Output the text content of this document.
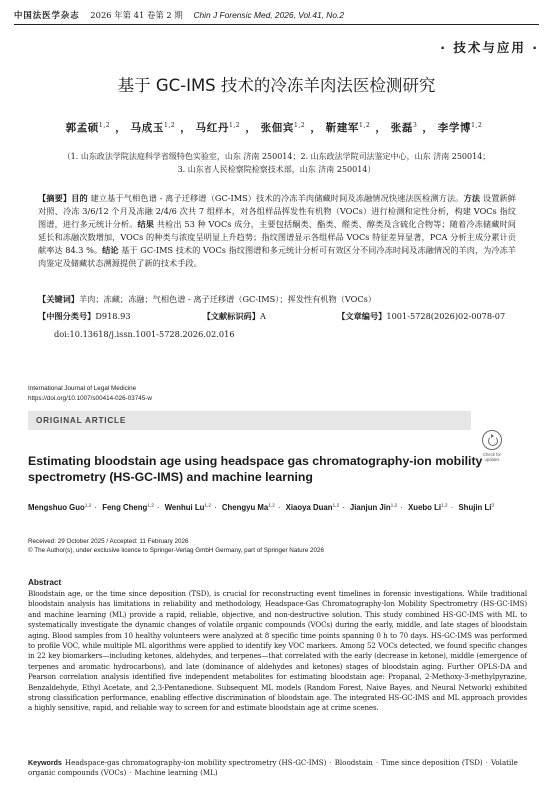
中国法医学杂志 2026 年第 41 卷第 2 期 Chin J Forensic Med, 2026, Vol.41, No.2
· 技术与应用 ·
基于 GC-IMS 技术的冷冻羊肉法医检测研究
郭孟硕$^{1,2}$ ， 马成玉$^{1,2}$ ， 马红丹$^{1,2}$ ， 张佃宾$^{1,2}$ ， 靳建军$^{1,2}$ ， 张磊$^3$ ， 李学博$^{1,2}$
（1. 山东政法学院法庭科学省级特色实验室，山东 济南 250014；2. 山东政法学院司法鉴定中心，山东 济南 250014；
3. 山东省人民检察院检察技术部，山东 济南 250014）
【摘要】目的 建立基于气相色谱 - 离子迁移谱（GC-IMS）技术的冷冻羊肉储藏时间及冻融情况快速法医检测方法。方法 设置新鲜对照、冷冻 3/6/12 个月及冻融 2/4/6 次共 7 组样本，对各组样品挥发性有机物（VOCs）进行检测和定性分析，构建 VOCs 指纹图谱，进行多元统计分析。结果 共检出 53 种 VOCs 成分，主要包括酮类、酯类、醛类、醇类及含硫化合物等；随着冷冻储藏时间延长和冻融次数增加，VOCs 的种类与浓度呈明显上升趋势；指纹图谱显示各组样品 VOCs 特征差异显著，PCA 分析主成分累计贡献率达 84.3 %。结论 基于 GC-IMS 技术的 VOCs 指纹图谱和多元统计分析可有效区分不同冷冻时间及冻融情况的羊肉，为冷冻羊肉鉴定及储藏状态溯源提供了新的技术手段。
【关键词】羊肉；冻藏；冻融；气相色谱 - 离子迁移谱（GC-IMS）；挥发性有机物（VOCs）
【中图分类号】D918.93	【文献标识码】A	【文章编号】1001-5728(2026)02-0078-07
doi:10.13618/j.issn.1001-5728.2026.02.016
International Journal of Legal Medicine
https://doi.org/10.1007/s00414-026-03745-w
ORIGINAL ARTICLE
Check for
updates
Estimating bloodstain age using headspace gas chromatography-ion mobility spectrometry (HS-GC-IMS) and machine learning
Mengshuo Guo$^{1,2}$ · Feng Cheng$^{1,2}$ · Wenhui Lu$^{1,2}$ · Chengyu Ma$^{1,2}$ · Xiaoya Duan$^{1,2}$ · Jianjun Jin$^{1,2}$ · Xuebo Li$^{1,2}$ · Shujin Li$^3$
Received: 29 October 2025 / Accepted: 11 February 2026
© The Author(s), under exclusive licence to Springer-Verlag GmbH Germany, part of Springer Nature 2026
Abstract
Bloodstain age, or the time since deposition (TSD), is crucial for reconstructing event timelines in forensic investigations. While traditional bloodstain analysis has limitations in reliability and methodology, Headspace-Gas Chromatography-Ion Mobility Spectrometry (HS-GC-IMS) and machine learning (ML) provide a rapid, reliable, objective, and non-destructive solution. This study combined HS-GC-IMS with ML to systematically investigate the dynamic changes of volatile organic compounds (VOCs) during the early, middle, and late stages of bloodstain aging. Blood samples from 10 healthy volunteers were analyzed at 8 specific time points spanning 0 h to 70 days. HS-GC-IMS was performed to profile VOC, while multiple ML algorithms were applied to identify key VOC markers. Among 52 VOCs detected, we found specific changes in 22 key biomarkers—including ketones, aldehydes, and terpenes—that correlated with the early (decrease in ketone), middle (emergence of terpenes and aromatic hydrocarbons), and late (dominance of aldehydes and ketones) stages of bloodstain aging. Further OPLS-DA and Pearson correlation analysis identified five independent metabolites for estimating bloodstain age: Propanal, 2-Methoxy-3-methylpyrazine, Benzaldehyde, Ethyl Acetate, and 2,3-Pentanedione. Subsequent ML models (Random Forest, Naive Bayes, and Neural Network) exhibited strong classification performance, enabling effective discrimination of bloodstain age. The integrated HS-GC-IMS and ML approach provides a highly sensitive, rapid, and reliable way to screen for and estimate bloodstain age at crime scenes.
Keywords Headspace-gas chromatography-ion mobility spectrometry (HS-GC-IMS) · Bloodstain · Time since deposition (TSD) · Volatile organic compounds (VOCs) · Machine learning (ML)
